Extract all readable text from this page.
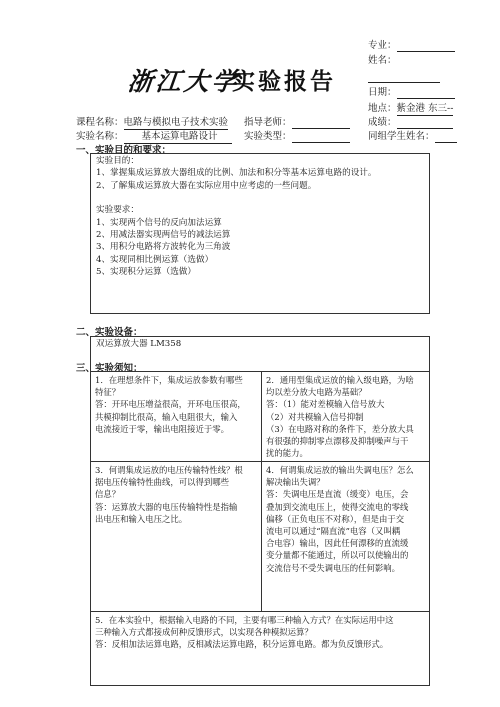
浙江大学
实验报告
专业：
姓名：
日期：
地点：紫金港 东三--
课程名称：电路与模拟电子技术实验 指导老师：	成绩：
实验名称： 基本运算电路设计	实验类型：	同组学生姓名：
一、实验目的和要求：
实验目的：
1、掌握集成运算放大器组成的比例、加法和积分等基本运算电路的设计。
2、了解集成运算放大器在实际应用中应考虑的一些问题。
实验要求：
1、实现两个信号的反向加法运算
2、用减法器实现两信号的减法运算
3、用积分电路将方波转化为三角波
4、实现同相比例运算（选做）
5、实现积分运算（选做）
二、实验设备：
双运算放大器 LM358
三、实验须知：
1．在理想条件下，集成运放参数有哪些
特征？
答：开环电压增益很高，开环电压很高，
共模抑制比很高，输入电阻很大，输入
电流接近于零，输出电阻接近于零。
2．通用型集成运放的输入级电路，为啥
均以差分放大电路为基础？
答：（1）能对差模输入信号放大
（2）对共模输入信号抑制
（3）在电路对称的条件下，差分放大具
有很强的抑制零点漂移及抑制噪声与干
扰的能力。
3．何谓集成运放的电压传输特性线？根
据电压传输特性曲线，可以得到哪些
信息？
答：运算放大器的电压传输特性是指输
出电压和输入电压之比。
4．何谓集成运放的输出失调电压？怎么
解决输出失调？
答：失调电压是直流（缓变）电压，会
叠加到交流电压上，使得交流电的零线
偏移（正负电压不对称），但是由于交
流电可以通过“隔直流”电容（又叫耦
合电容）输出，因此任何漂移的直流缓
变分量都不能通过，所以可以使输出的
交流信号不受失调电压的任何影响。
5．在本实验中，根据输入电路的不同，主要有哪三种输入方式？在实际运用中这
三种输入方式都接成何种反馈形式，以实现各种模拟运算？
答：反相加法运算电路，反相减法运算电路，积分运算电路。都为负反馈形式。
